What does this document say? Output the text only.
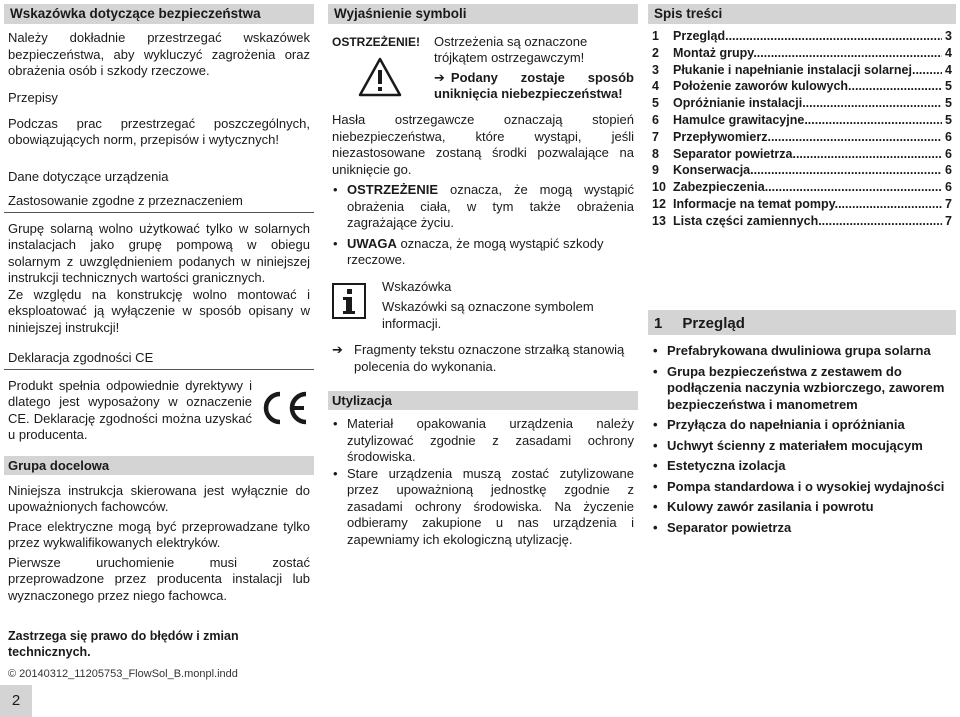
Wskazówka dotyczące bezpieczeństwa

Należy dokładnie przestrzegać wskazówek bezpieczeństwa, aby wykluczyć zagrożenia oraz obrażenia osób i szkody rzeczowe.

Przepisy

Podczas prac przestrzegać poszczególnych, obowiązujących norm, przepisów i wytycznych!

Dane dotyczące urządzenia
Zastosowanie zgodne z przeznaczeniem

Grupę solarną wolno użytkować tylko w solarnych instalacjach jako grupę pompową w obiegu solarnym z uwzględnieniem podanych w niniejszej instrukcji technicznych wartości granicznych.

Ze względu na konstrukcję wolno montować i eksploatować ją wyłączenie w sposób opisany w niniejszej instrukcji!

Deklaracja zgodności CE

Produkt spełnia odpowiednie dyrektywy i dlatego jest wyposażony w oznaczenie CE. Deklarację zgodności można uzyskać u producenta.

Grupa docelowa

Niniejsza instrukcja skierowana jest wyłącznie do upoważnionych fachowców.

Prace elektryczne mogą być przeprowadzane tylko przez wykwalifikowanych elektryków.

Pierwsze uruchomienie musi zostać przeprowadzone przez producenta instalacji lub wyznaczonego przez niego fachowca.

Zastrzega się prawo do błędów i zmian technicznych.
© 20140312_11205753_FlowSol_B.monpl.indd
2
Wyjaśnienie symboli
OSTRZEŻENIE!	Ostrzeżenia są oznaczone trójkątem ostrzegawczym!

➔ Podany zostaje sposób uniknięcia niebezpieczeństwa!

Hasła ostrzegawcze oznaczają stopień niebezpieczeństwa, które wystąpi, jeśli niezastosowane zostaną środki pozwalające na uniknięcie go.

• OSTRZEŻENIE oznacza, że mogą wystąpić obrażenia ciała, w tym także obrażenia zagrażające życiu.
• UWAGA oznacza, że mogą wystąpić szkody rzeczowe.
Wskazówka
Wskazówki są oznaczone symbolem informacji.
➔ Fragmenty tekstu oznaczone strzałką stanowią polecenia do wykonania.
Utylizacja
• Materiał opakowania urządzenia należy zutylizować zgodnie z zasadami ochrony środowiska.
• Stare urządzenia muszą zostać zutylizowane przez upoważnioną jednostkę zgodnie z zasadami ochrony środowiska. Na życzenie odbieramy zakupione u nas urządzenia i zapewniamy ich ekologiczną utylizację.
Spis treści
1	Przegląd .....	3
2	Montaż grupy .....	4
3	Płukanie i napełnianie instalacji solarnej .....	4
4	Położenie zaworów kulowych .....	5
5	Opróżnianie instalacji .....	5
6	Hamulce grawitacyjne .....	5
7	Przepływomierz .....	6
8	Separator powietrza .....	6
9	Konserwacja .....	6
10 Zabezpieczenia .....	6
12 Informacje na temat pompy .....	7
13 Lista części zamiennych .....	7
1 Przegląd
• Prefabrykowana dwuliniowa grupa solarna
• Grupa bezpieczeństwa z zestawem do podłączenia naczynia wzbiorczego, zaworem bezpieczeństwa i manometrem
• Przyłącza do napełniania i opróżniania
• Uchwyt ścienny z materiałem mocującym
• Estetyczna izolacja
• Pompa standardowa i o wysokiej wydajności
• Kulowy zawór zasilania i powrotu
• Separator powietrza
